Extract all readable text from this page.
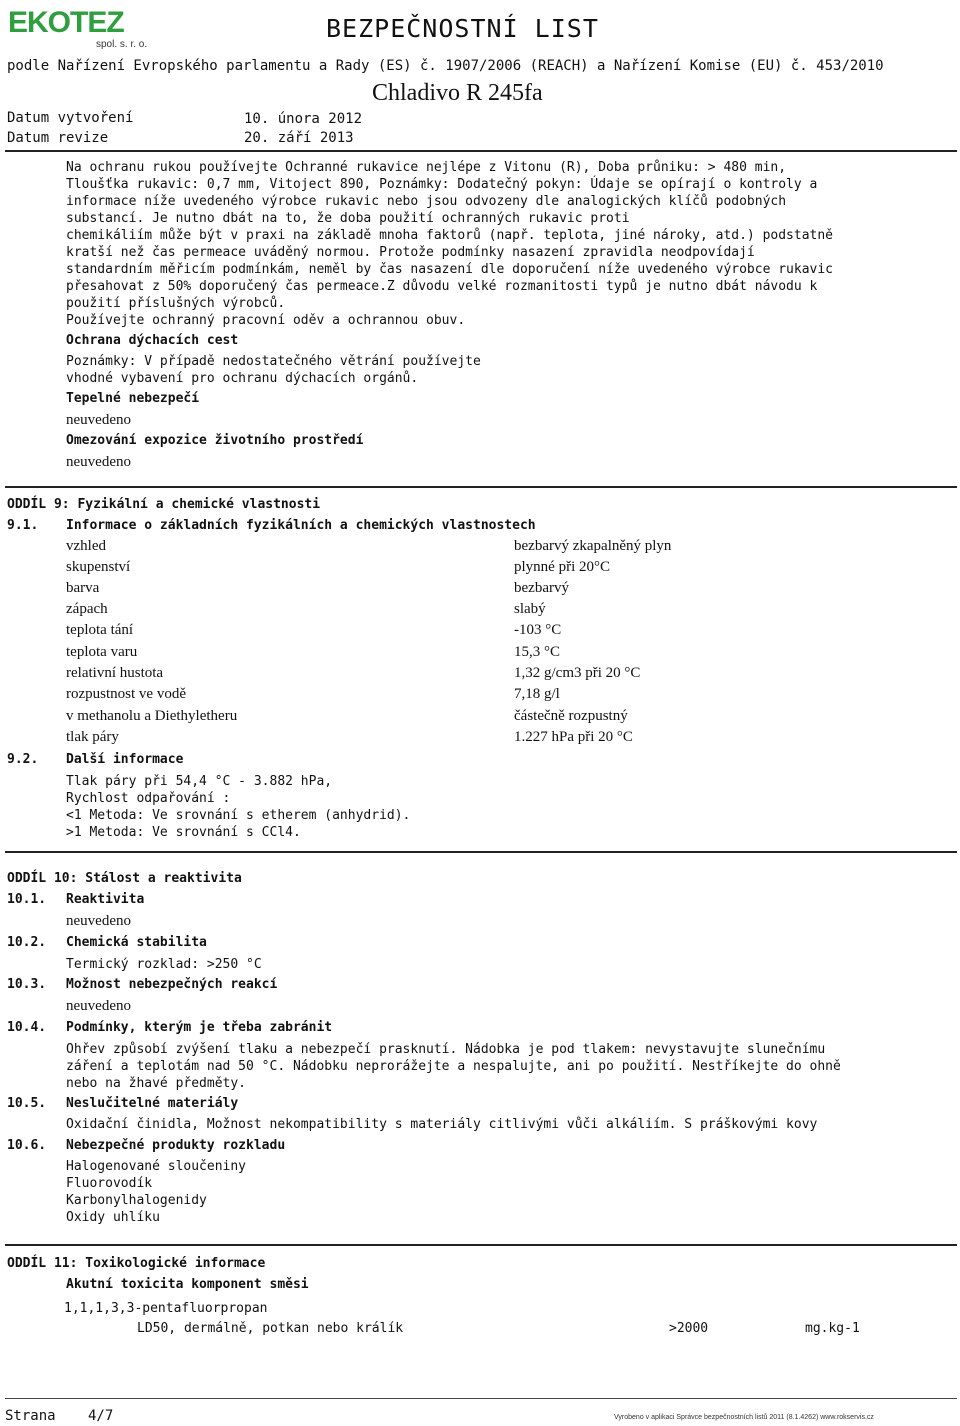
EKOTEZ
spol. s. r. o.
BEZPEČNOSTNÍ LIST
podle Nařízení Evropského parlamentu a Rady (ES) č. 1907/2006 (REACH) a Nařízení Komise (EU) č. 453/2010
Chladivo R 245fa
Datum vytvoření	10. února 2012
Datum revize	20. září 2013
Na ochranu rukou používejte Ochranné rukavice nejlépe z Vitonu (R), Doba průniku: > 480 min,
Tloušťka rukavic: 0,7 mm, Vitoject 890, Poznámky: Dodatečný pokyn: Údaje se opírají o kontroly a
informace níže uvedeného výrobce rukavic nebo jsou odvozeny dle analogických klíčů podobných
substancí. Je nutno dbát na to, že doba použití ochranných rukavic proti
chemikáliím může být v praxi na základě mnoha faktorů (např. teplota, jiné nároky, atd.) podstatně
kratší než čas permeace uváděný normou. Protože podmínky nasazení zpravidla neodpovídají
standardním měřicím podmínkám, neměl by čas nasazení dle doporučení níže uvedeného výrobce rukavic
přesahovat z 50% doporučený čas permeace.Z důvodu velké rozmanitosti typů je nutno dbát návodu k
použití příslušných výrobců.
Používejte ochranný pracovní oděv a ochrannou obuv.
Ochrana dýchacích cest
Poznámky: V případě nedostatečného větrání používejte
vhodné vybavení pro ochranu dýchacích orgánů.
Tepelné nebezpečí
neuvedeno
Omezování expozice životního prostředí
neuvedeno
ODDÍL 9: Fyzikální a chemické vlastnosti
9.1. Informace o základních fyzikálních a chemických vlastnostech
vzhled	bezbarvý zkapalněný plyn
skupenství	plynné při 20°C
barva	bezbarvý
zápach	slabý
teplota tání	-103 °C
teplota varu	15,3 °C
relativní hustota	1,32 g/cm3 při 20 °C
rozpustnost ve vodě	7,18 g/l
v methanolu a Diethyletheru	částečně rozpustný
tlak páry	1.227 hPa při 20 °C
9.2. Další informace
Tlak páry při 54,4 °C - 3.882 hPa,
Rychlost odpařování :
<1 Metoda: Ve srovnání s etherem (anhydrid).
>1 Metoda: Ve srovnání s CCl4.
ODDÍL 10: Stálost a reaktivita
10.1. Reaktivita
neuvedeno
10.2. Chemická stabilita
Termický rozklad: >250 °C
10.3. Možnost nebezpečných reakcí
neuvedeno
10.4. Podmínky, kterým je třeba zabránit
Ohřev způsobí zvýšení tlaku a nebezpečí prasknutí. Nádobka je pod tlakem: nevystavujte slunečnímu
záření a teplotám nad 50 °C. Nádobku neprorážejte a nespalujte, ani po použití. Nestříkejte do ohně
nebo na žhavé předměty.
10.5. Neslučitelné materiály
Oxidační činidla, Možnost nekompatibility s materiály citlivými vůči alkáliím. S práškovými kovy
10.6. Nebezpečné produkty rozkladu
Halogenované sloučeniny
Fluorovodík
Karbonylhalogenidy
Oxidy uhlíku
ODDÍL 11: Toxikologické informace
Akutní toxicita komponent směsi
1,1,1,3,3-pentafluorpropan
LD50, dermálně, potkan nebo králík	>2000	mg.kg-1
Strana 4/7	Vyrobeno v aplikaci Správce bezpečnostních listů 2011 (8.1.4262) www.rokservis.cz
